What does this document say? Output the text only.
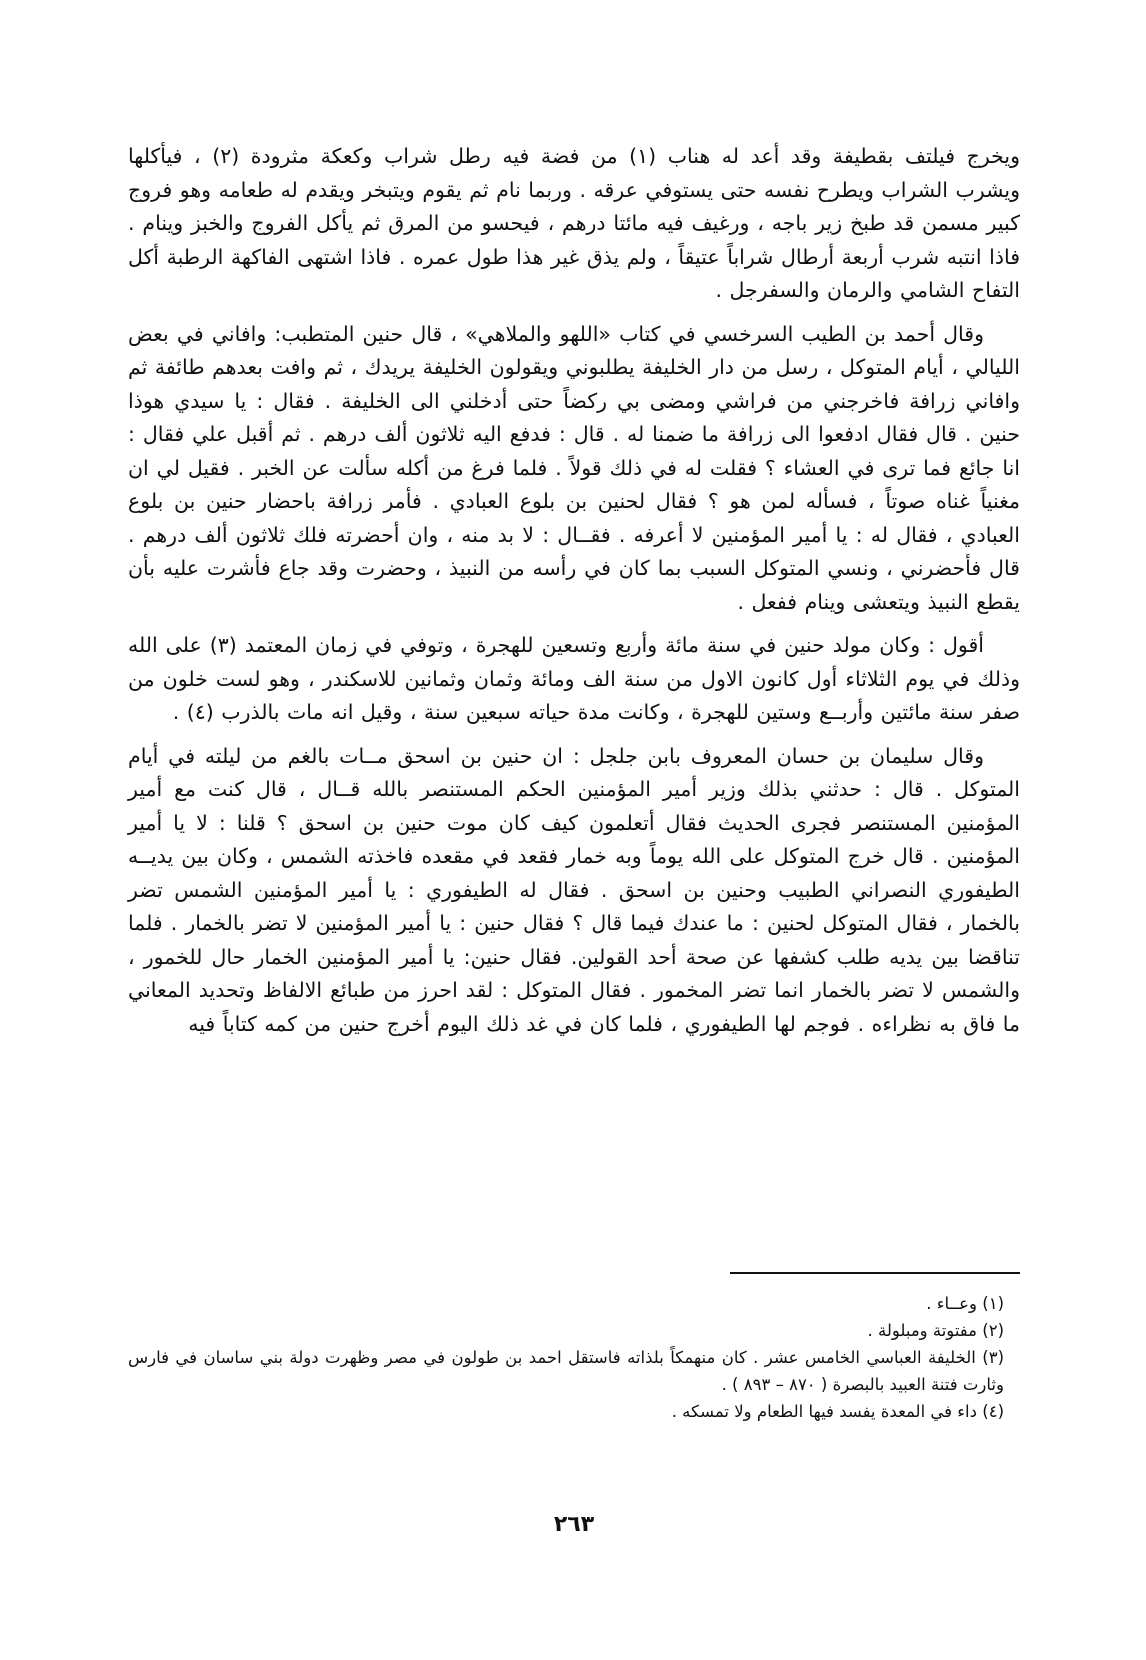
ويخرج فيلتف بقطيفة وقد أعد له هناب (١) من فضة فيه رطل شراب وكعكة مثرودة (٢) ، فيأكلها ويشرب الشراب ويطرح نفسه حتى يستوفي عرقه . وربما نام ثم يقوم ويتبخر ويقدم له طعامه وهو فروج كبير مسمن قد طبخ زير باجه ، ورغيف فيه مائتا درهم ، فيحسو من المرق ثم يأكل الفروج والخبز وينام . فاذا انتبه شرب أربعة أرطال شراباً عتيقاً ، ولم يذق غير هذا طول عمره . فاذا اشتهى الفاكهة الرطبة أكل التفاح الشامي والرمان والسفرجل .

وقال أحمد بن الطيب السرخسي في كتاب «اللهو والملاهي» ، قال حنين المتطبب: وافاني في بعض الليالي ، أيام المتوكل ، رسل من دار الخليفة يطلبوني ويقولون الخليفة يريدك ، ثم وافت بعدهم طائفة ثم وافاني زرافة فاخرجني من فراشي ومضى بي ركضاً حتى أدخلني الى الخليفة . فقال : يا سيدي هوذا حنين . قال فقال ادفعوا الى زرافة ما ضمنا له . قال : فدفع اليه ثلاثون ألف درهم . ثم أقبل علي فقال : انا جائع فما ترى في العشاء ؟ فقلت له في ذلك قولاً . فلما فرغ من أكله سألت عن الخبر . فقيل لي ان مغنياً غناه صوتاً ، فسأله لمن هو ؟ فقال لحنين بن بلوع العبادي . فأمر زرافة باحضار حنين بن بلوع العبادي ، فقال له : يا أمير المؤمنين لا أعرفه . فقــال : لا بد منه ، وان أحضرته فلك ثلاثون ألف درهم . قال فأحضرني ، ونسي المتوكل السبب بما كان في رأسه من النبيذ ، وحضرت وقد جاع فأشرت عليه بأن يقطع النبيذ ويتعشى وينام ففعل .

أقول : وكان مولد حنين في سنة مائة وأربع وتسعين للهجرة ، وتوفي في زمان المعتمد (٣) على الله وذلك في يوم الثلاثاء أول كانون الاول من سنة الف ومائة وثمان وثمانين للاسكندر ، وهو لست خلون من صفر سنة مائتين وأربــع وستين للهجرة ، وكانت مدة حياته سبعين سنة ، وقيل انه مات بالذرب (٤) .

وقال سليمان بن حسان المعروف بابن جلجل : ان حنين بن اسحق مــات بالغم من ليلته في أيام المتوكل . قال : حدثني بذلك وزير أمير المؤمنين الحكم المستنصر بالله قــال ، قال كنت مع أمير المؤمنين المستنصر فجرى الحديث فقال أتعلمون كيف كان موت حنين بن اسحق ؟ قلنا : لا يا أمير المؤمنين . قال خرج المتوكل على الله يوماً وبه خمار فقعد في مقعده فاخذته الشمس ، وكان بين يديــه الطيفوري النصراني الطبيب وحنين بن اسحق . فقال له الطيفوري : يا أمير المؤمنين الشمس تضر بالخمار ، فقال المتوكل لحنين : ما عندك فيما قال ؟ فقال حنين : يا أمير المؤمنين لا تضر بالخمار . فلما تناقضا بين يديه طلب كشفها عن صحة أحد القولين. فقال حنين: يا أمير المؤمنين الخمار حال للخمور ، والشمس لا تضر بالخمار انما تضر المخمور . فقال المتوكل : لقد احرز من طبائع الالفاظ وتحديد المعاني ما فاق به نظراءه . فوجم لها الطيفوري ، فلما كان في غد ذلك اليوم أخرج حنين من كمه كتاباً فيه

(١) وعــاء .

(٢) مفتوتة ومبلولة .

(٣) الخليفة العباسي الخامس عشر . كان منهمكاً بلذاته فاستقل احمد بن طولون في مصر وظهرت دولة بني ساسان في فارس وثارت فتنة العبيد بالبصرة ( ٨٧٠ – ٨٩٣ ) .

(٤) داء في المعدة يفسد فيها الطعام ولا تمسكه .

٢٦٣
